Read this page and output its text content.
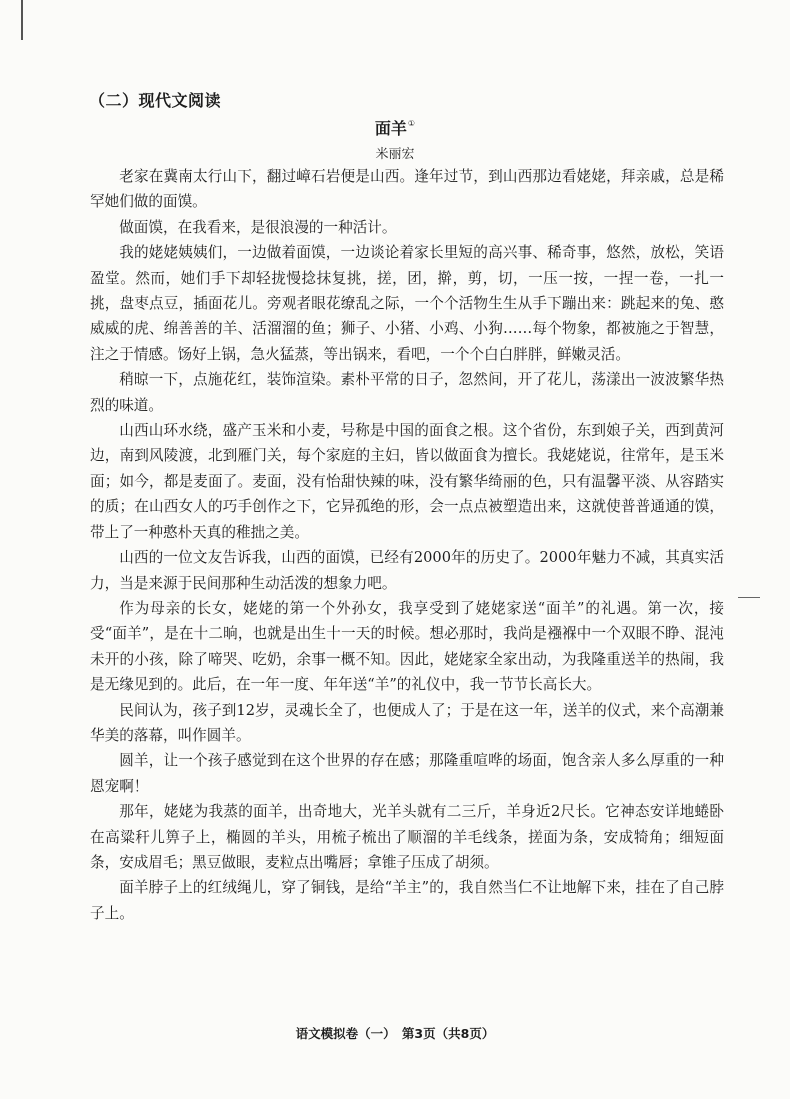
（二）现代文阅读
面羊①
米丽宏

老家在冀南太行山下，翻过嶂石岩便是山西。逢年过节，到山西那边看姥姥，拜亲戚，总是稀罕她们做的面馍。

做面馍，在我看来，是很浪漫的一种活计。

我的姥姥姨姨们，一边做着面馍，一边谈论着家长里短的高兴事、稀奇事，悠然，放松，笑语盈堂。然而，她们手下却轻拢慢捻抹复挑，搓，团，擀，剪，切，一压一按，一捏一卷，一扎一挑，盘枣点豆，插面花儿。旁观者眼花缭乱之际，一个个活物生生从手下蹦出来：跳起来的兔、憨威威的虎、绵善善的羊、活溜溜的鱼；狮子、小猪、小鸡、小狗……每个物象，都被施之于智慧，注之于情感。饧好上锅，急火猛蒸，等出锅来，看吧，一个个白白胖胖，鲜嫩灵活。

稍晾一下，点施花红，装饰渲染。素朴平常的日子，忽然间，开了花儿，荡漾出一波波繁华热烈的味道。

山西山环水绕，盛产玉米和小麦，号称是中国的面食之根。这个省份，东到娘子关，西到黄河边，南到风陵渡，北到雁门关，每个家庭的主妇，皆以做面食为擅长。我姥姥说，往常年，是玉米面；如今，都是麦面了。麦面，没有怡甜快辣的味，没有繁华绮丽的色，只有温馨平淡、从容踏实的质；在山西女人的巧手创作之下，它异孤绝的形，会一点点被塑造出来，这就使普普通通的馍，带上了一种憨朴天真的稚拙之美。

山西的一位文友告诉我，山西的面馍，已经有2000年的历史了。2000年魅力不减，其真实活力，当是来源于民间那种生动活泼的想象力吧。

作为母亲的长女，姥姥的第一个外孙女，我享受到了姥姥家送“面羊”的礼遇。第一次，接受“面羊”，是在十二晌，也就是出生十一天的时候。想必那时，我尚是襁褓中一个双眼不睁、混沌未开的小孩，除了啼哭、吃奶，余事一概不知。因此，姥姥家全家出动，为我隆重送羊的热闹，我是无缘见到的。此后，在一年一度、年年送“羊”的礼仪中，我一节节长高长大。

民间认为，孩子到12岁，灵魂长全了，也便成人了；于是在这一年，送羊的仪式，来个高潮兼华美的落幕，叫作圆羊。

圆羊，让一个孩子感觉到在这个世界的存在感；那隆重喧哗的场面，饱含亲人多么厚重的一种恩宠啊！

那年，姥姥为我蒸的面羊，出奇地大，光羊头就有二三斤，羊身近2尺长。它神态安详地蜷卧在高粱秆儿箅子上，椭圆的羊头，用梳子梳出了顺溜的羊毛线条，搓面为条，安成犄角；细短面条，安成眉毛；黑豆做眼，麦粒点出嘴唇；拿锥子压成了胡须。

面羊脖子上的红绒绳儿，穿了铜钱，是给“羊主”的，我自然当仁不让地解下来，挂在了自己脖子上。

语文模拟卷（一）　第3页（共8页）
